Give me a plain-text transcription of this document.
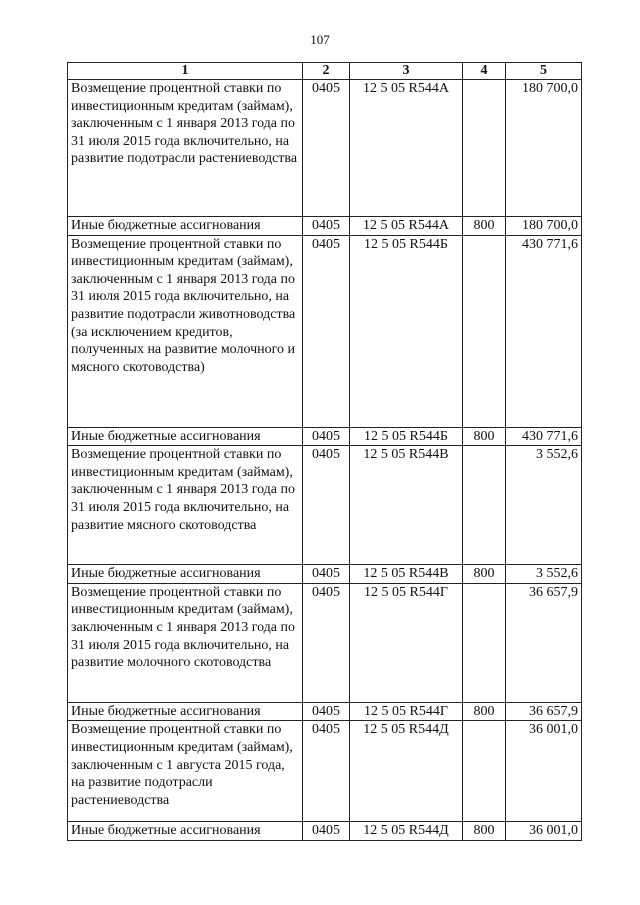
107
1	2	3	4	5
Возмещение процентной ставки по инвестиционным кредитам (займам), заключенным с 1 января 2013 года по 31 июля 2015 года включительно, на развитие подотрасли растениеводства	0405	12 5 05 R544А		180 700,0
Иные бюджетные ассигнования	0405	12 5 05 R544А	800	180 700,0
Возмещение процентной ставки по инвестиционным кредитам (займам), заключенным с 1 января 2013 года по 31 июля 2015 года включительно, на развитие подотрасли животноводства (за исключением кредитов, полученных на развитие молочного и мясного скотоводства)	0405	12 5 05 R544Б		430 771,6
Иные бюджетные ассигнования	0405	12 5 05 R544Б	800	430 771,6
Возмещение процентной ставки по инвестиционным кредитам (займам), заключенным с 1 января 2013 года по 31 июля 2015 года включительно, на развитие мясного скотоводства	0405	12 5 05 R544В		3 552,6
Иные бюджетные ассигнования	0405	12 5 05 R544В	800	3 552,6
Возмещение процентной ставки по инвестиционным кредитам (займам), заключенным с 1 января 2013 года по 31 июля 2015 года включительно, на развитие молочного скотоводства	0405	12 5 05 R544Г		36 657,9
Иные бюджетные ассигнования	0405	12 5 05 R544Г	800	36 657,9
Возмещение процентной ставки по инвестиционным кредитам (займам), заключенным с 1 августа 2015 года, на развитие подотрасли растениеводства	0405	12 5 05 R544Д		36 001,0
Иные бюджетные ассигнования	0405	12 5 05 R544Д	800	36 001,0
